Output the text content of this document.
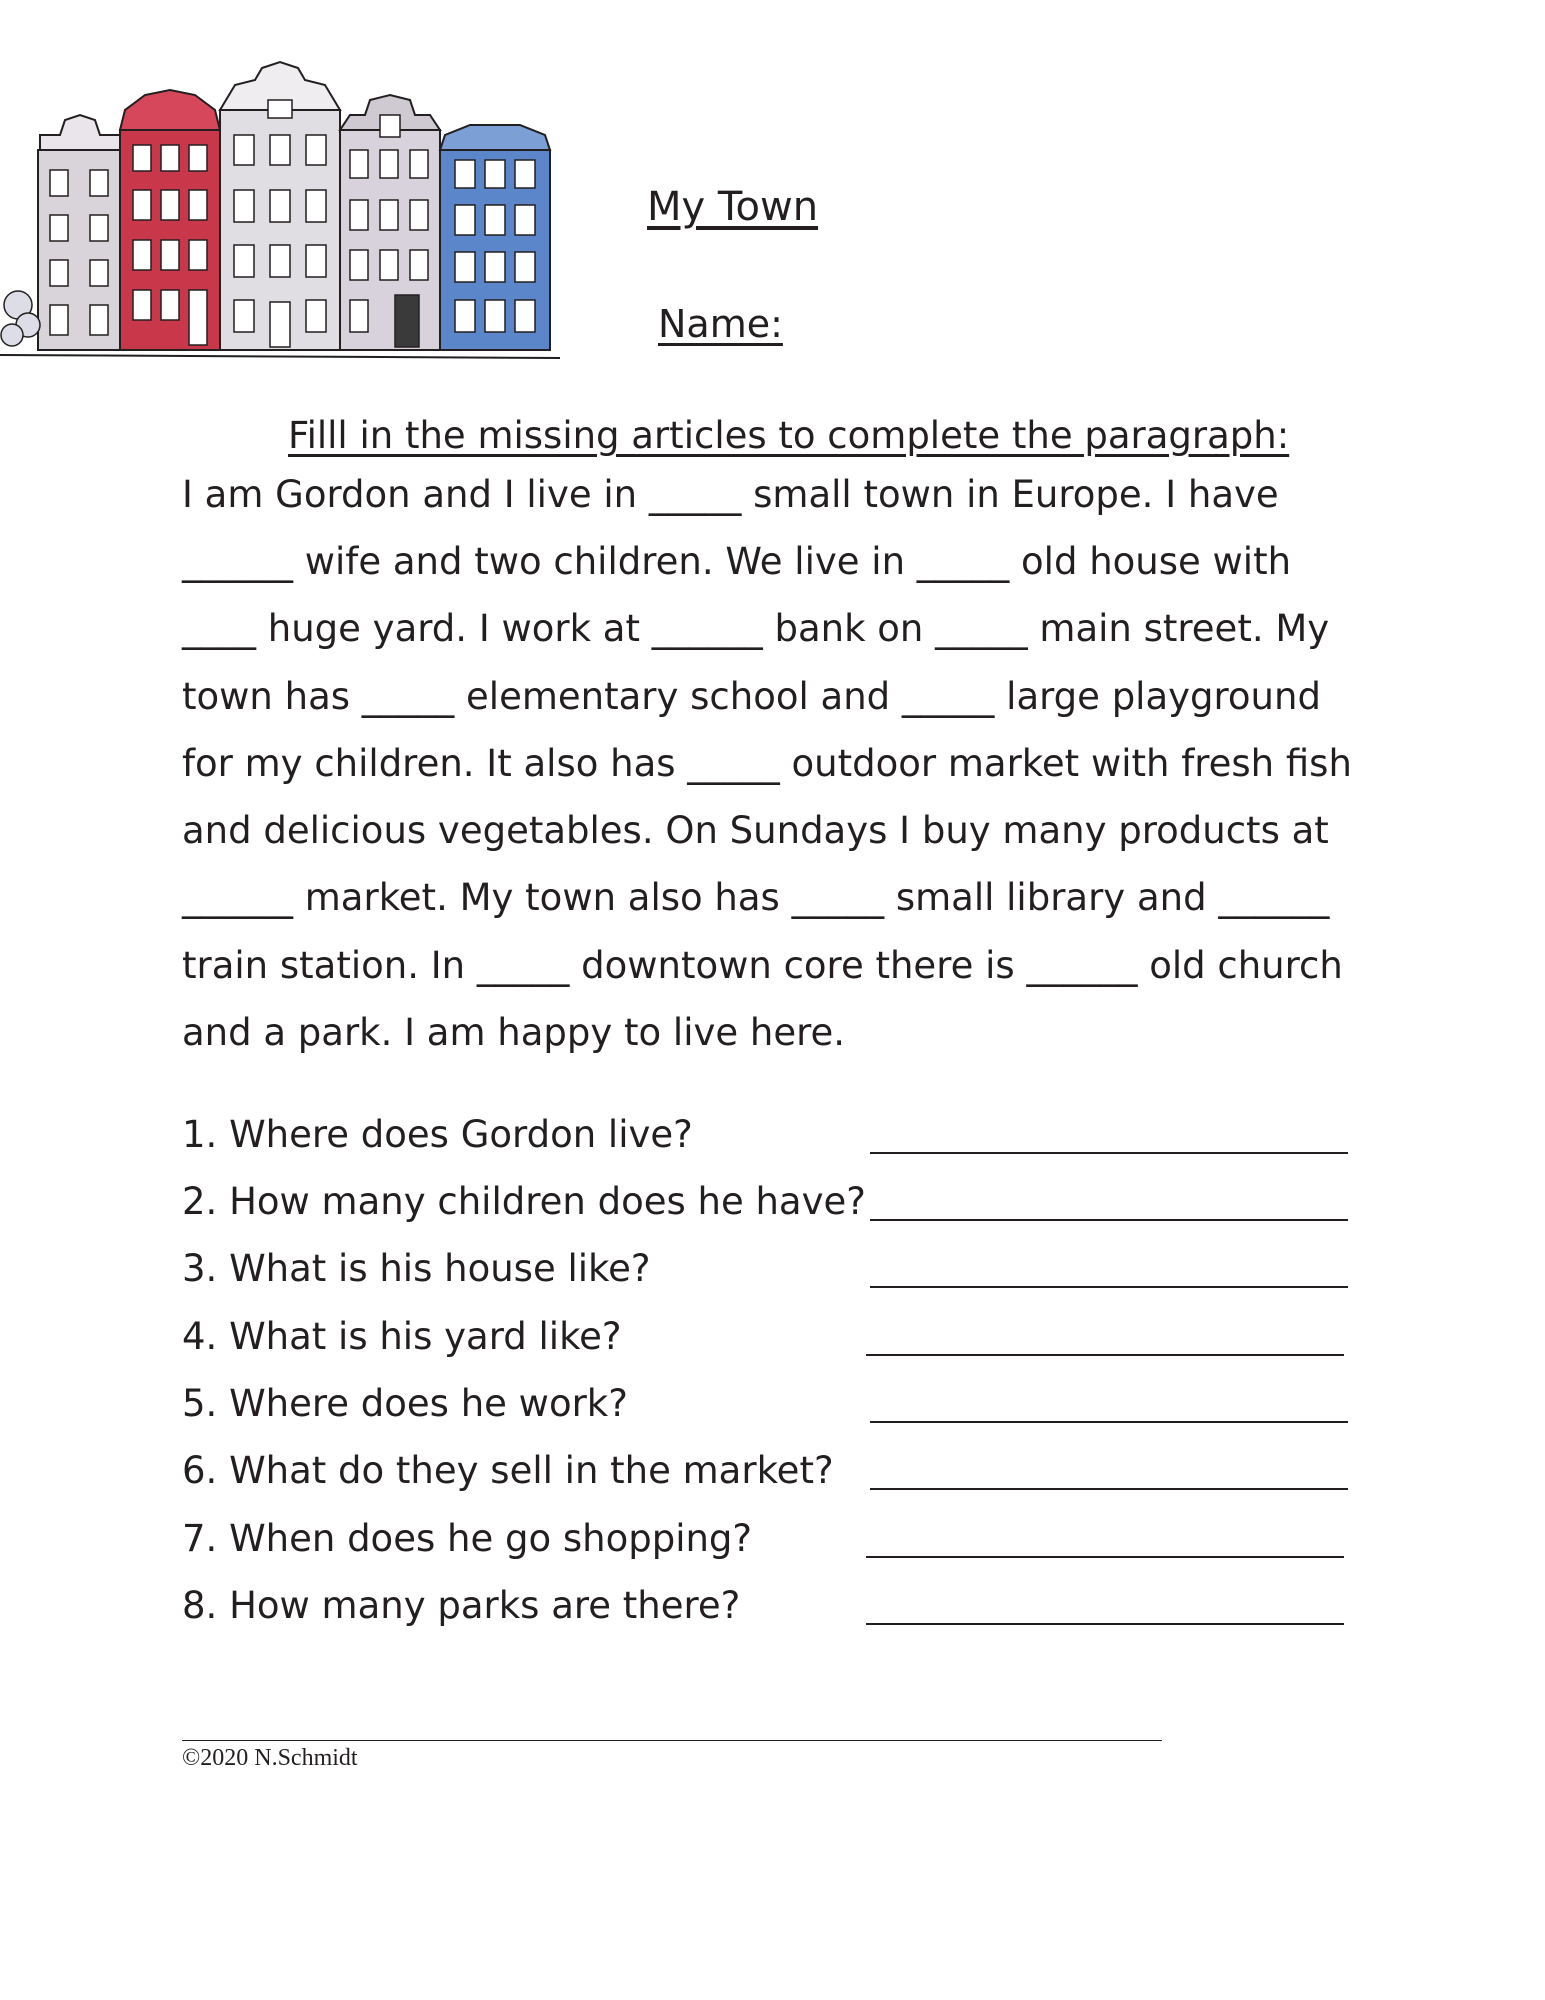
My Town
Name:
Filll in the missing articles to complete the paragraph:
I am Gordon and I live in _____ small town in Europe. I have
______ wife and two children. We live in _____ old house with
____ huge yard. I work at ______ bank on _____ main street. My
town has _____ elementary school and _____ large playground
for my children. It also has _____ outdoor market with fresh fish
and delicious vegetables. On Sundays I buy many products at
______ market. My town also has _____ small library and ______
train station. In _____ downtown core there is ______ old church
and a park. I am happy to live here.
1. Where does Gordon live?
2. How many children does he have?
3. What is his house like?
4. What is his yard like?
5. Where does he work?
6. What do they sell in the market?
7. When does he go shopping?
8. How many parks are there?
©2020 N.Schmidt
